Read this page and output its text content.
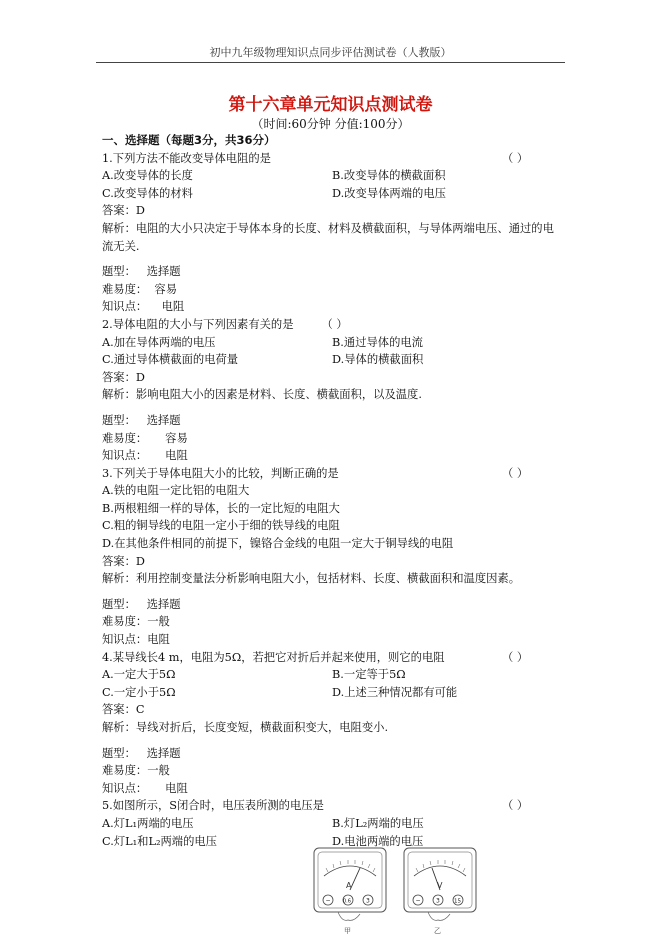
初中九年级物理知识点同步评估测试卷（人教版）
第十六章单元知识点测试卷
（时间:60分钟 分值:100分）
一、选择题（每题3分，共36分）
1.下列方法不能改变导体电阻的是	（ ）
A.改变导体的长度	B.改变导体的横截面积
C.改变导体的材料	D.改变导体两端的电压
答案：D
解析：电阻的大小只决定于导体本身的长度、材料及横截面积，与导体两端电压、通过的电流无关.
题型： 选择题
难易度： 容易
知识点： 电阻
2.导体电阻的大小与下列因素有关的是 （ ）
A.加在导体两端的电压	B.通过导体的电流
C.通过导体横截面的电荷量	D.导体的横截面积
答案：D
解析：影响电阻大小的因素是材料、长度、横截面积，以及温度.
题型： 选择题
难易度： 容易
知识点： 电阻
3.下列关于导体电阻大小的比较，判断正确的是	（ ）
A.铁的电阻一定比铝的电阻大
B.两根粗细一样的导体，长的一定比短的电阻大
C.粗的铜导线的电阻一定小于细的铁导线的电阻
D.在其他条件相同的前提下，镍铬合金线的电阻一定大于铜导线的电阻
答案：D
解析：利用控制变量法分析影响电阻大小，包括材料、长度、横截面积和温度因素。
题型： 选择题
难易度：一般
知识点：电阻
4.某导线长4 m，电阻为5Ω，若把它对折后并起来使用，则它的电阻	（ ）
A.一定大于5Ω	B.一定等于5Ω
C.一定小于5Ω	D.上述三种情况都有可能
答案：C
解析：导线对折后，长度变短，横截面积变大，电阻变小.
题型： 选择题
难易度：一般
知识点： 电阻
5.如图所示，S闭合时，电压表所测的电压是	（ ）
A.灯L₁两端的电压	B.灯L₂两端的电压
C.灯L₁和L₂两端的电压	D.电池两端的电压
A
− 0.6	3
V
−	3	15
甲	乙
